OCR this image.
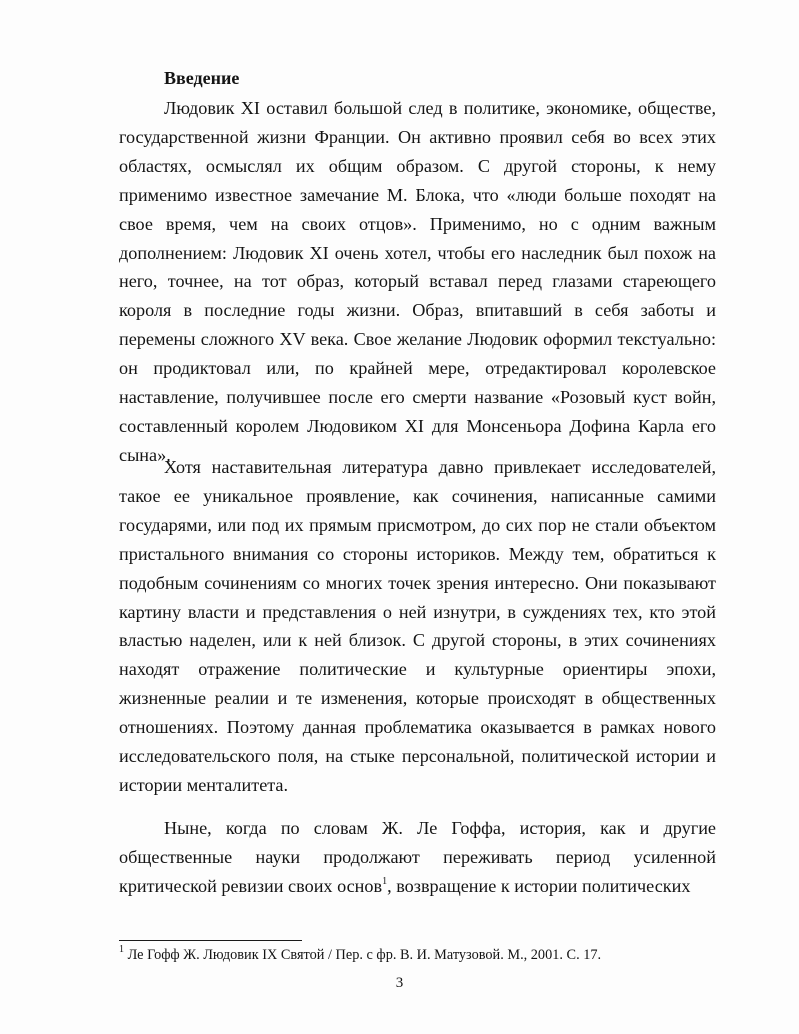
Введение

Людовик XI оставил большой след в политике, экономике, обществе, государственной жизни Франции. Он активно проявил себя во всех этих областях, осмыслял их общим образом. С другой стороны, к нему применимо известное замечание М. Блока, что «люди больше походят на свое время, чем на своих отцов». Применимо, но с одним важным дополнением: Людовик XI очень хотел, чтобы его наследник был похож на него, точнее, на тот образ, который вставал перед глазами стареющего короля в последние годы жизни. Образ, впитавший в себя заботы и перемены сложного XV века. Свое желание Людовик оформил текстуально: он продиктовал или, по крайней мере, отредактировал королевское наставление, получившее после его смерти название «Розовый куст войн, составленный королем Людовиком XI для Монсеньора Дофина Карла его сына».

Хотя наставительная литература давно привлекает исследователей, такое ее уникальное проявление, как сочинения, написанные самими государями, или под их прямым присмотром, до сих пор не стали объектом пристального внимания со стороны историков. Между тем, обратиться к подобным сочинениям со многих точек зрения интересно. Они показывают картину власти и представления о ней изнутри, в суждениях тех, кто этой властью наделен, или к ней близок. С другой стороны, в этих сочинениях находят отражение политические и культурные ориентиры эпохи, жизненные реалии и те изменения, которые происходят в общественных отношениях. Поэтому данная проблематика оказывается в рамках нового исследовательского поля, на стыке персональной, политической истории и истории менталитета.

Ныне, когда по словам Ж. Ле Гоффа, история, как и другие общественные науки продолжают переживать период усиленной критической ревизии своих основ$^1$, возвращение к истории политических

$^1$ Ле Гофф Ж. Людовик IX Святой / Пер. с фр. В. И. Матузовой. М., 2001. С. 17.

3
